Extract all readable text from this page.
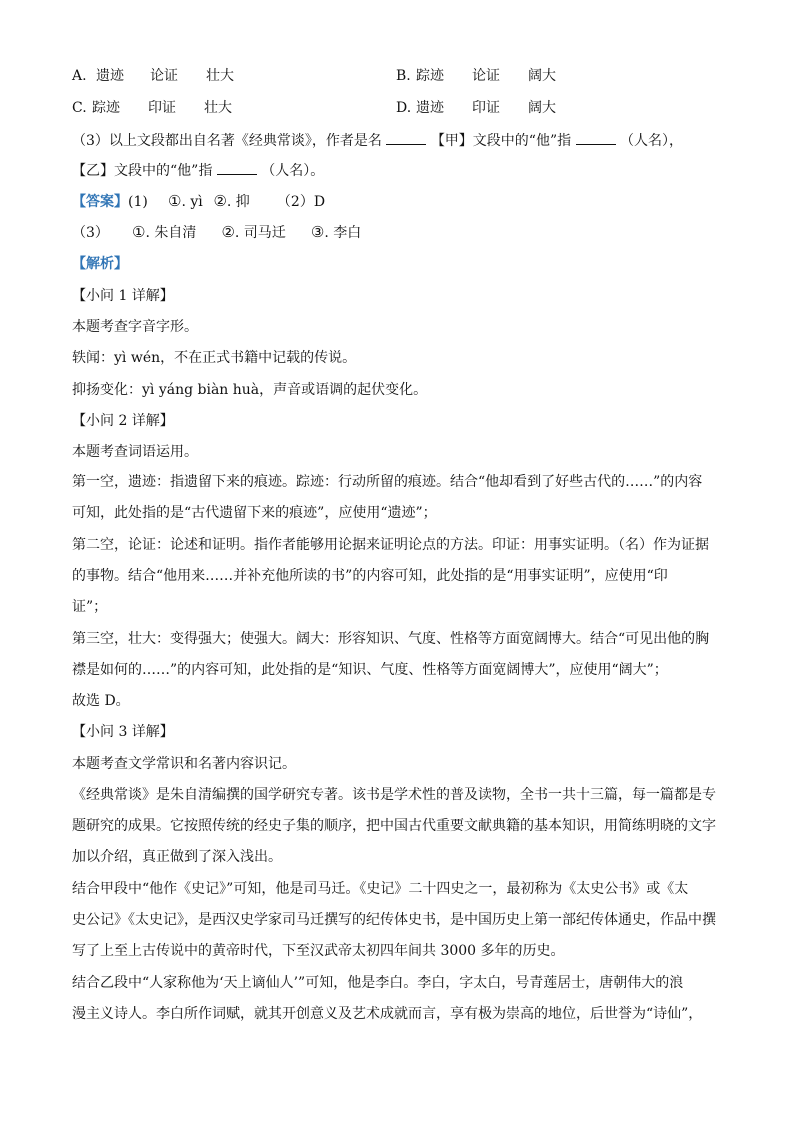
A. 遗迹 论证 壮大	B. 踪迹 论证 阔大
C. 踪迹 印证 壮大	D. 遗迹 印证 阔大
（3）以上文段都出自名著《经典常谈》，作者是名	【甲】文段中的“他”指	（人名），
【乙】文段中的“他”指	（人名）。
【答案】(1) ①. yì ②. 抑 （2）D
（3） ①. 朱自清 ②. 司马迁 ③. 李白
【解析】
【小问 1 详解】
本题考查字音字形。
轶闻：yì wén，不在正式书籍中记载的传说。
抑扬变化：yì yáng biàn huà，声音或语调的起伏变化。
【小问 2 详解】
本题考查词语运用。
第一空，遗迹：指遗留下来的痕迹。踪迹：行动所留的痕迹。结合“他却看到了好些古代的……”的内容
可知，此处指的是“古代遗留下来的痕迹”，应使用“遗迹”；
第二空，论证：论述和证明。指作者能够用论据来证明论点的方法。印证：用事实证明。（名）作为证据
的事物。结合“他用来……并补充他所读的书”的内容可知，此处指的是“用事实证明”，应使用“印
证”；
第三空，壮大：变得强大；使强大。阔大：形容知识、气度、性格等方面宽阔博大。结合“可见出他的胸
襟是如何的……”的内容可知，此处指的是“知识、气度、性格等方面宽阔博大”，应使用“阔大”；
故选 D。
【小问 3 详解】
本题考查文学常识和名著内容识记。
《经典常谈》是朱自清编撰的国学研究专著。该书是学术性的普及读物，全书一共十三篇，每一篇都是专
题研究的成果。它按照传统的经史子集的顺序，把中国古代重要文献典籍的基本知识，用简练明晓的文字
加以介绍，真正做到了深入浅出。
结合甲段中“他作《史记》”可知，他是司马迁。《史记》二十四史之一，最初称为《太史公书》或《太
史公记》《太史记》，是西汉史学家司马迁撰写的纪传体史书，是中国历史上第一部纪传体通史，作品中撰
写了上至上古传说中的黄帝时代，下至汉武帝太初四年间共 3000 多年的历史。
结合乙段中“人家称他为‘天上谪仙人’”可知，他是李白。李白，字太白，号青莲居士，唐朝伟大的浪
漫主义诗人。李白所作词赋，就其开创意义及艺术成就而言，享有极为崇高的地位，后世誉为“诗仙”，
